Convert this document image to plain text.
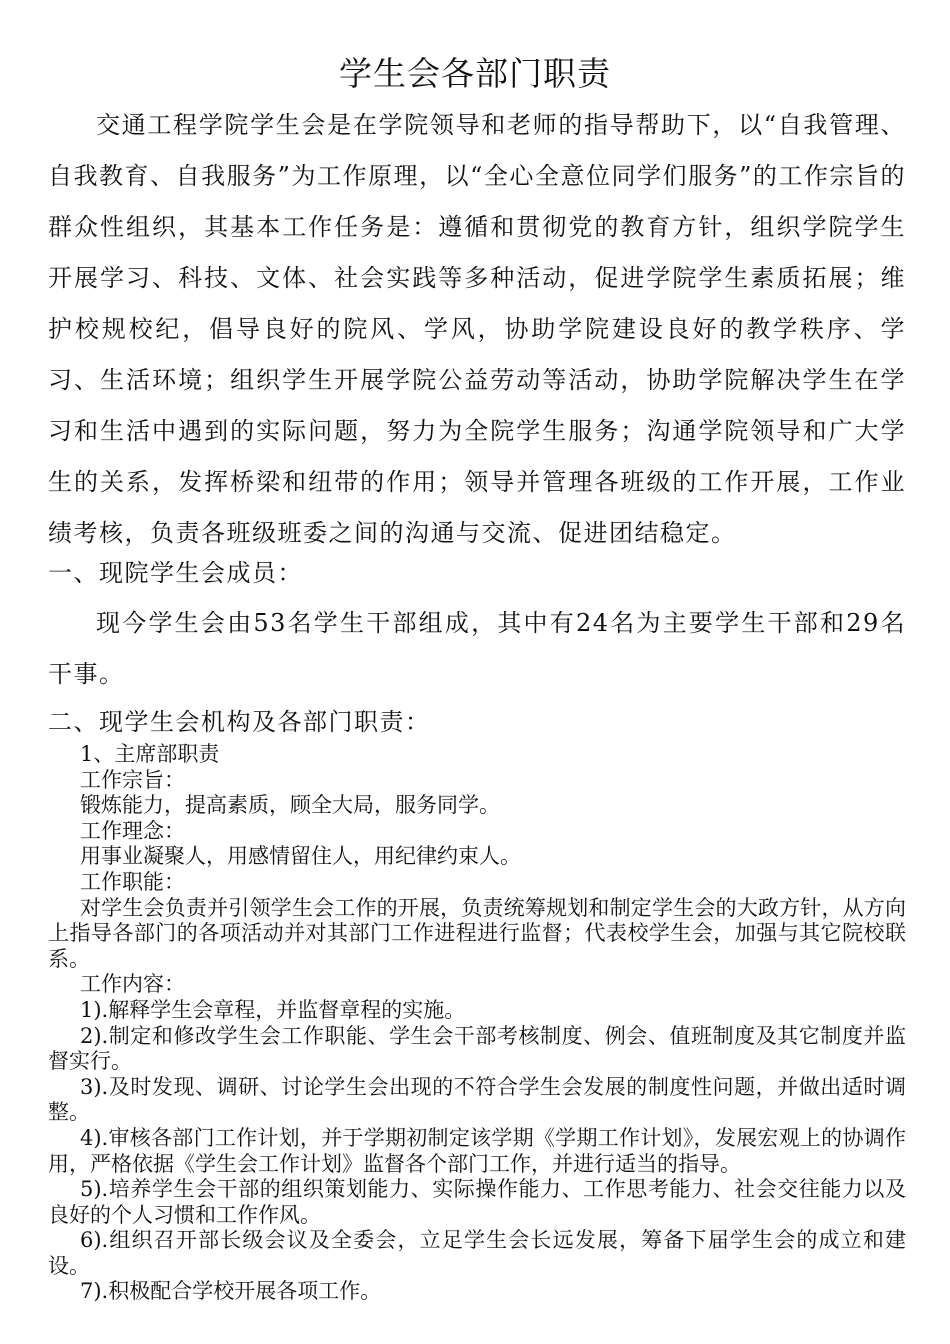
学生会各部门职责

交通工程学院学生会是在学院领导和老师的指导帮助下，以“自我管理、自我教育、自我服务”为工作原理，以“全心全意位同学们服务”的工作宗旨的群众性组织，其基本工作任务是：遵循和贯彻党的教育方针，组织学院学生开展学习、科技、文体、社会实践等多种活动，促进学院学生素质拓展；维护校规校纪，倡导良好的院风、学风，协助学院建设良好的教学秩序、学习、生活环境；组织学生开展学院公益劳动等活动，协助学院解决学生在学习和生活中遇到的实际问题，努力为全院学生服务；沟通学院领导和广大学生的关系，发挥桥梁和纽带的作用；领导并管理各班级的工作开展，工作业绩考核，负责各班级班委之间的沟通与交流、促进团结稳定。

一、现院学生会成员：

现今学生会由53名学生干部组成，其中有24名为主要学生干部和29名干事。

二、现学生会机构及各部门职责：

1、主席部职责

工作宗旨：

锻炼能力，提高素质，顾全大局，服务同学。

工作理念：

用事业凝聚人，用感情留住人，用纪律约束人。

工作职能：

对学生会负责并引领学生会工作的开展，负责统筹规划和制定学生会的大政方针，从方向上指导各部门的各项活动并对其部门工作进程进行监督；代表校学生会，加强与其它院校联系。

工作内容：

1).解释学生会章程，并监督章程的实施。

2).制定和修改学生会工作职能、学生会干部考核制度、例会、值班制度及其它制度并监督实行。

3).及时发现、调研、讨论学生会出现的不符合学生会发展的制度性问题，并做出适时调整。

4).审核各部门工作计划，并于学期初制定该学期《学期工作计划》，发展宏观上的协调作用，严格依据《学生会工作计划》监督各个部门工作，并进行适当的指导。

5).培养学生会干部的组织策划能力、实际操作能力、工作思考能力、社会交往能力以及良好的个人习惯和工作作风。

6).组织召开部长级会议及全委会，立足学生会长远发展，筹备下届学生会的成立和建设。

7).积极配合学校开展各项工作。
